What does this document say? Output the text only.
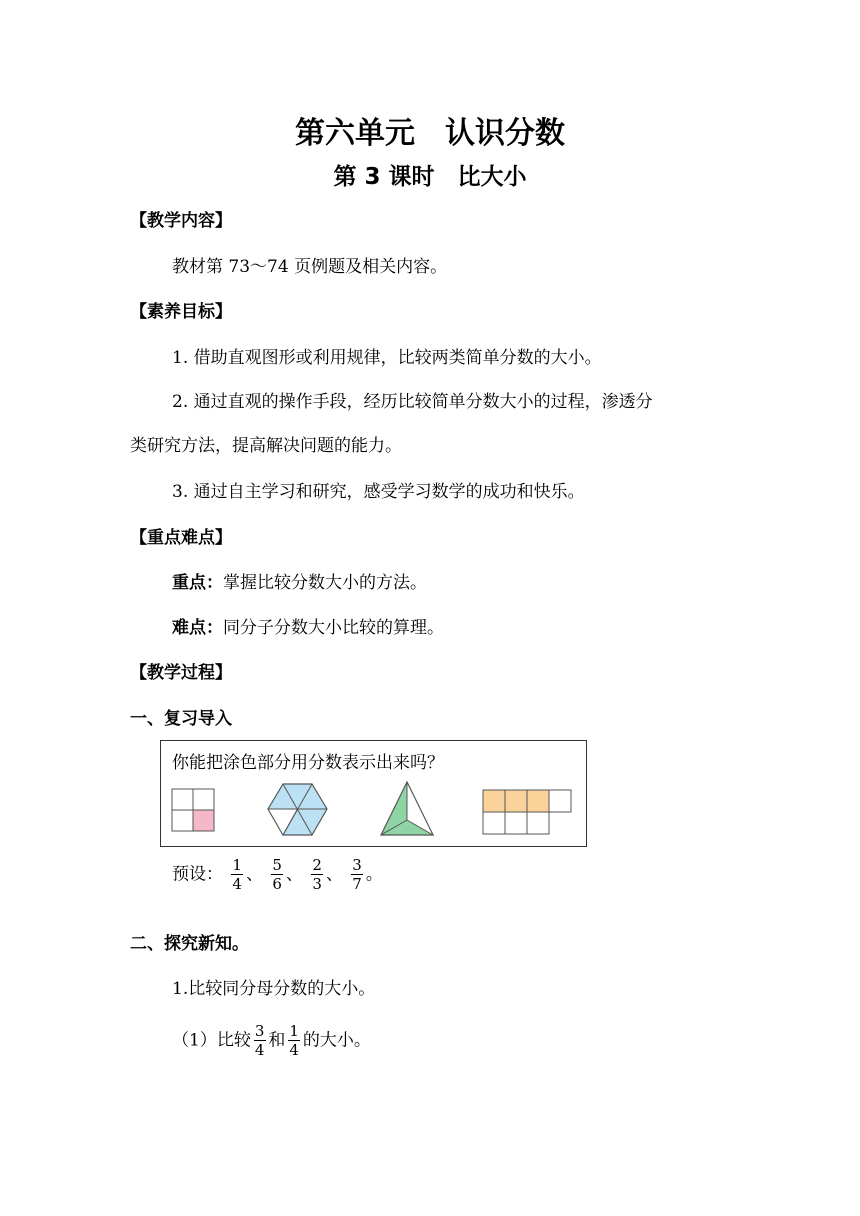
第六单元　认识分数
第 3 课时　比大小
【教学内容】
教材第 73～74 页例题及相关内容。
【素养目标】
1. 借助直观图形或利用规律，比较两类简单分数的大小。
2. 通过直观的操作手段，经历比较简单分数大小的过程，渗透分
类研究方法，提高解决问题的能力。
3. 通过自主学习和研究，感受学习数学的成功和快乐。
【重点难点】
重点：掌握比较分数大小的方法。
难点：同分子分数大小比较的算理。
【教学过程】
一、复习导入
你能把涂色部分用分数表示出来吗？
预设： $\frac{1}{4}$ 、 $\frac{5}{6}$ 、 $\frac{2}{3}$ 、 $\frac{3}{7}$ 。
二、探究新知。
1.比较同分母分数的大小。
（1）比较 $\frac{3}{4}$ 和 $\frac{1}{4}$ 的大小。
